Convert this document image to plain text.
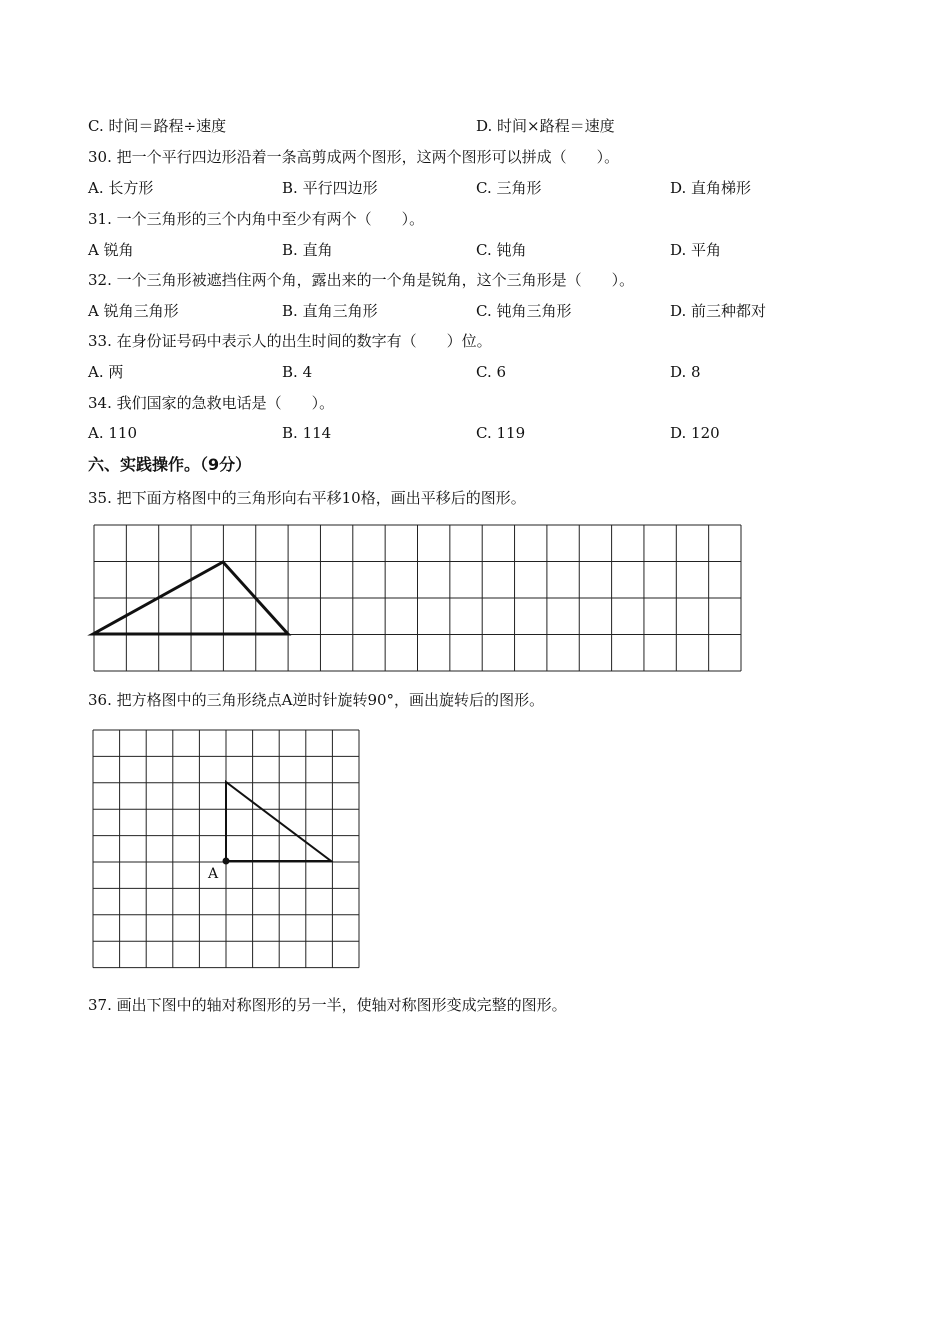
C. 时间＝路程÷速度	D. 时间×路程＝速度
30. 把一个平行四边形沿着一条高剪成两个图形，这两个图形可以拼成（　　）。
A. 长方形	B. 平行四边形	C. 三角形	D. 直角梯形
31. 一个三角形的三个内角中至少有两个（　　）。
A 锐角	B. 直角	C. 钝角	D. 平角
32. 一个三角形被遮挡住两个角，露出来的一个角是锐角，这个三角形是（　　）。
A 锐角三角形	B. 直角三角形	C. 钝角三角形	D. 前三种都对
33. 在身份证号码中表示人的出生时间的数字有（　　）位。
A. 两	B. 4	C. 6	D. 8
34. 我们国家的急救电话是（　　）。
A. 110	B. 114	C. 119	D. 120
六、实践操作。（9分）
35. 把下面方格图中的三角形向右平移10格，画出平移后的图形。
36. 把方格图中的三角形绕点A逆时针旋转90°，画出旋转后的图形。
A
37. 画出下图中的轴对称图形的另一半，使轴对称图形变成完整的图形。
